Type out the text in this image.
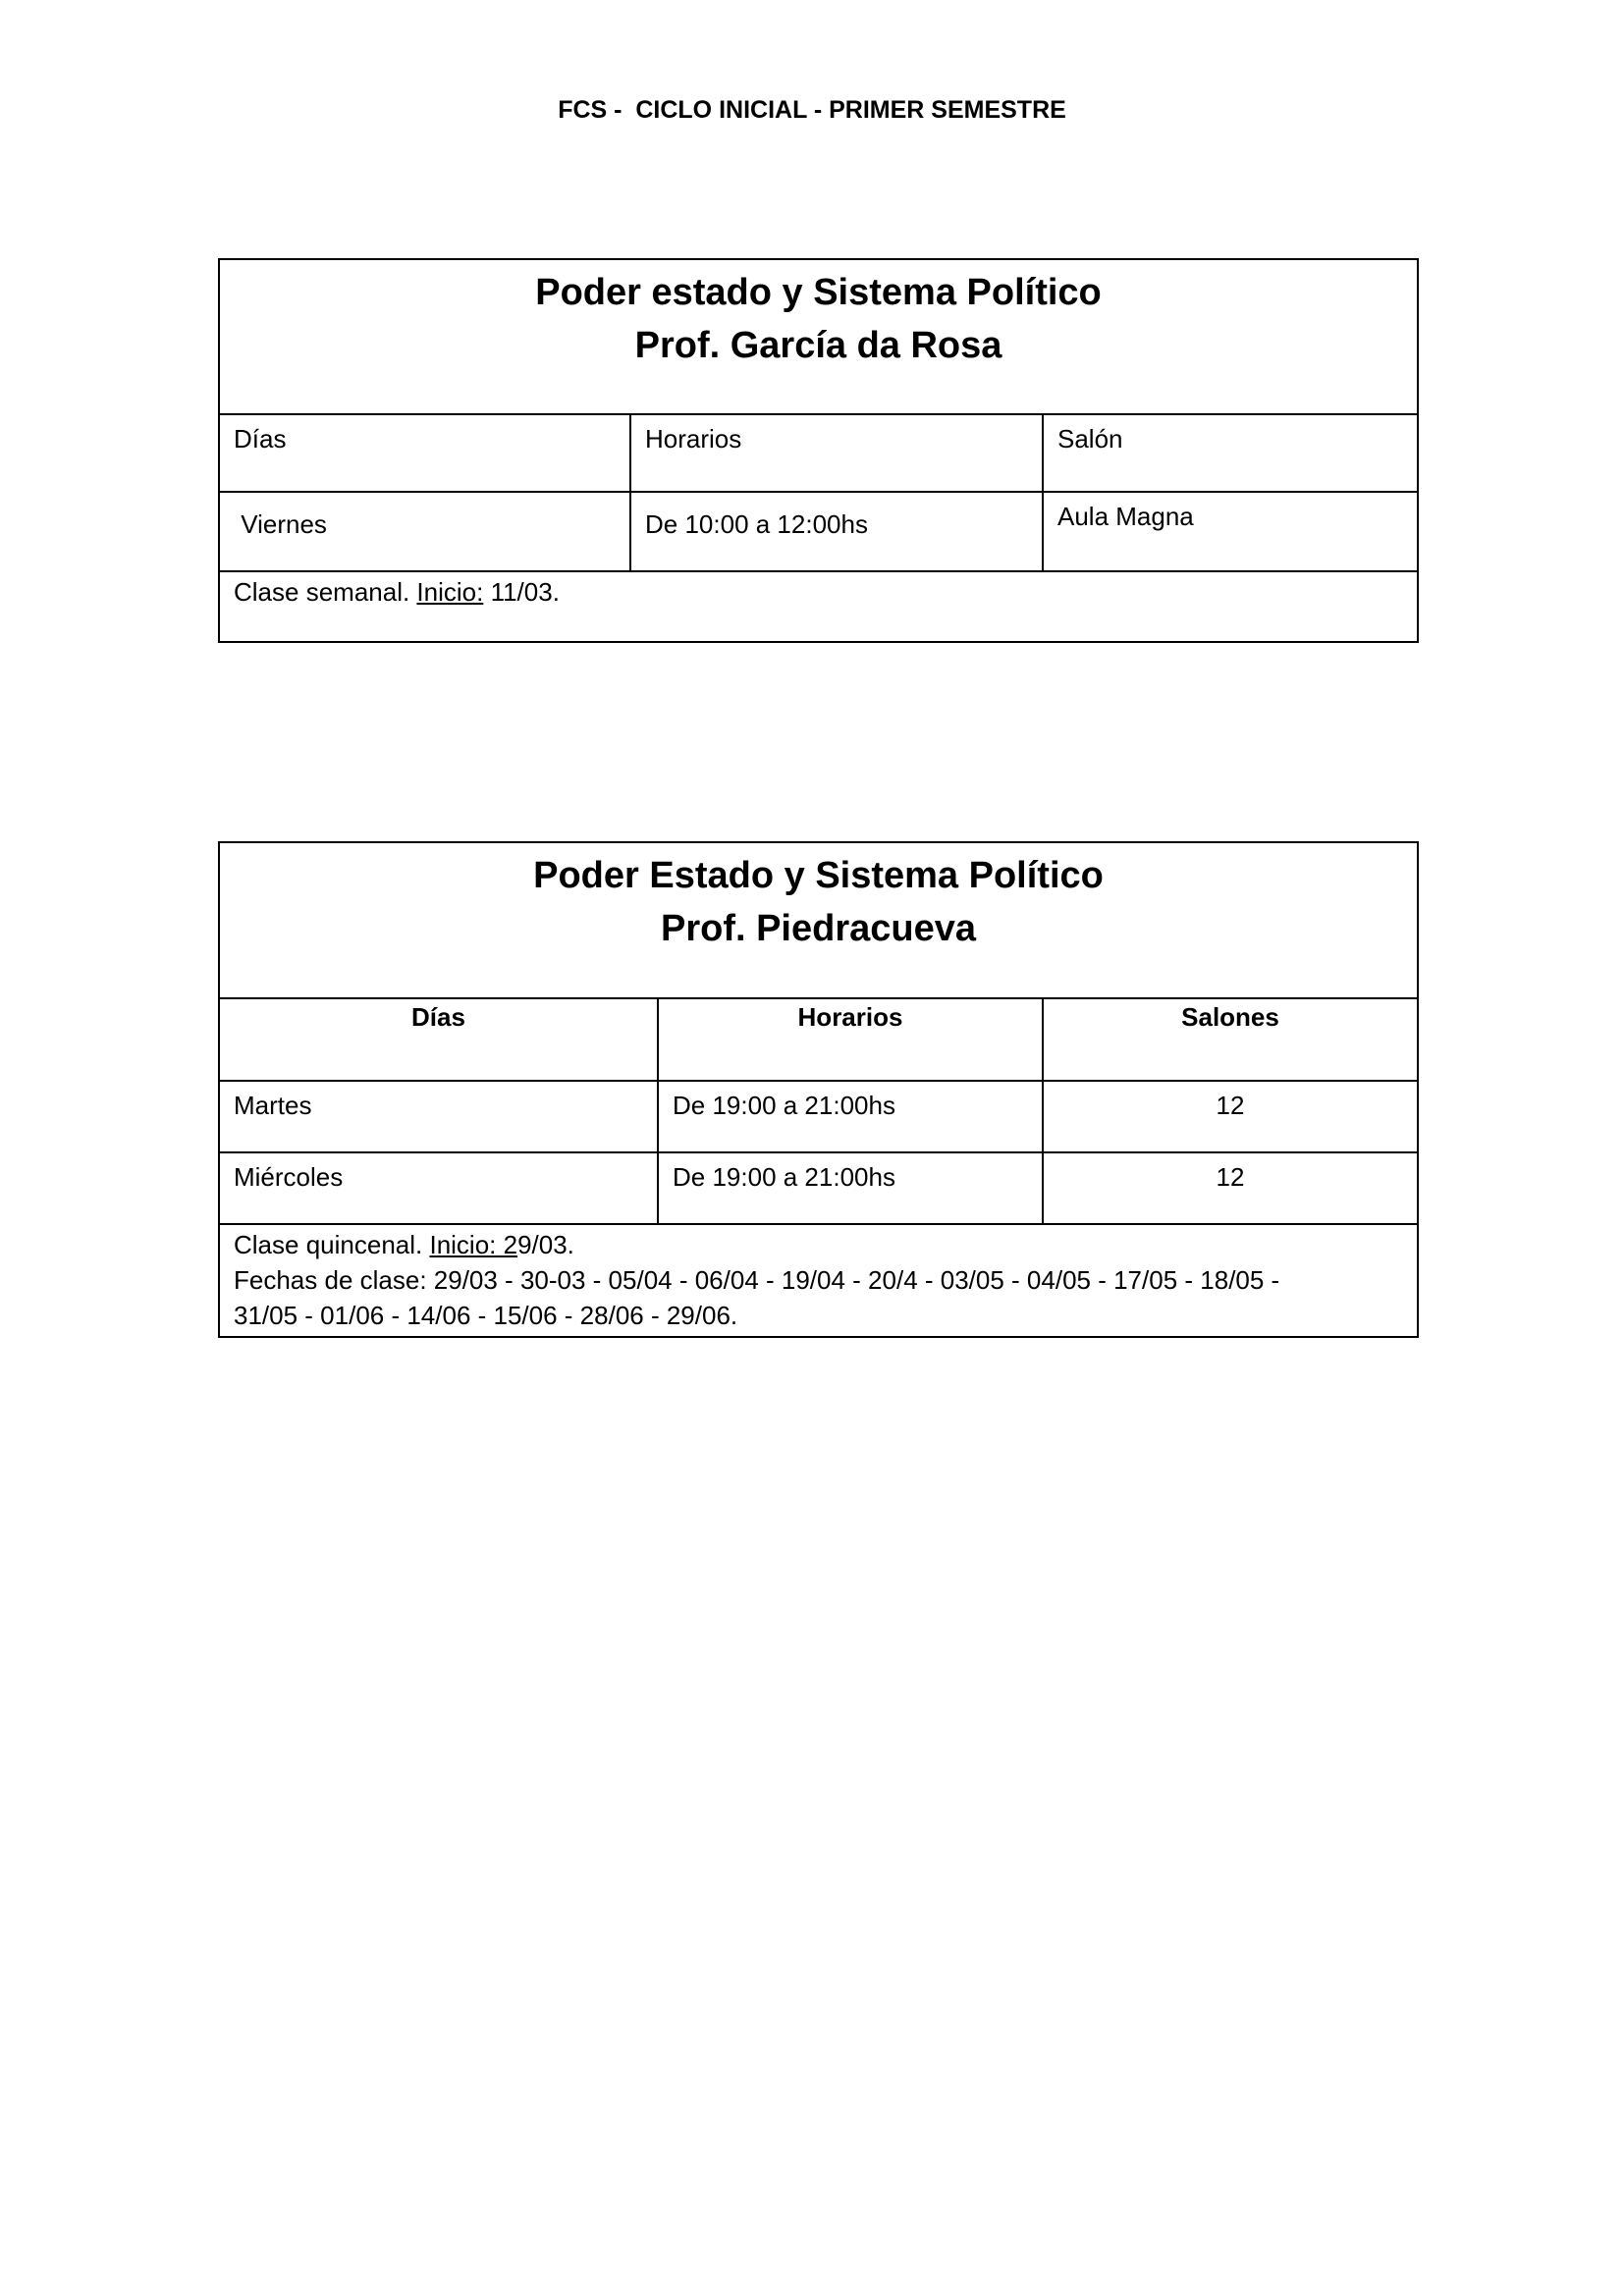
FCS -  CICLO INICIAL - PRIMER SEMESTRE
Poder estado y Sistema Político
Prof. García da Rosa		

Días	Horarios	Salón

Viernes	De 10:00 a 12:00hs	Aula Magna

Clase semanal. Inicio: 11/03.		
Poder Estado y Sistema Político
Prof. Piedracueva		

Días	Horarios	Salones

Martes	De 19:00 a 21:00hs	12

Miércoles	De 19:00 a 21:00hs	12

Clase quincenal. Inicio: 29/03.
Fechas de clase: 29/03 - 30-03 - 05/04 - 06/04 - 19/04 - 20/4 - 03/05 - 04/05 - 17/05 - 18/05 -
31/05 - 01/06 - 14/06 - 15/06 - 28/06 - 29/06.		
